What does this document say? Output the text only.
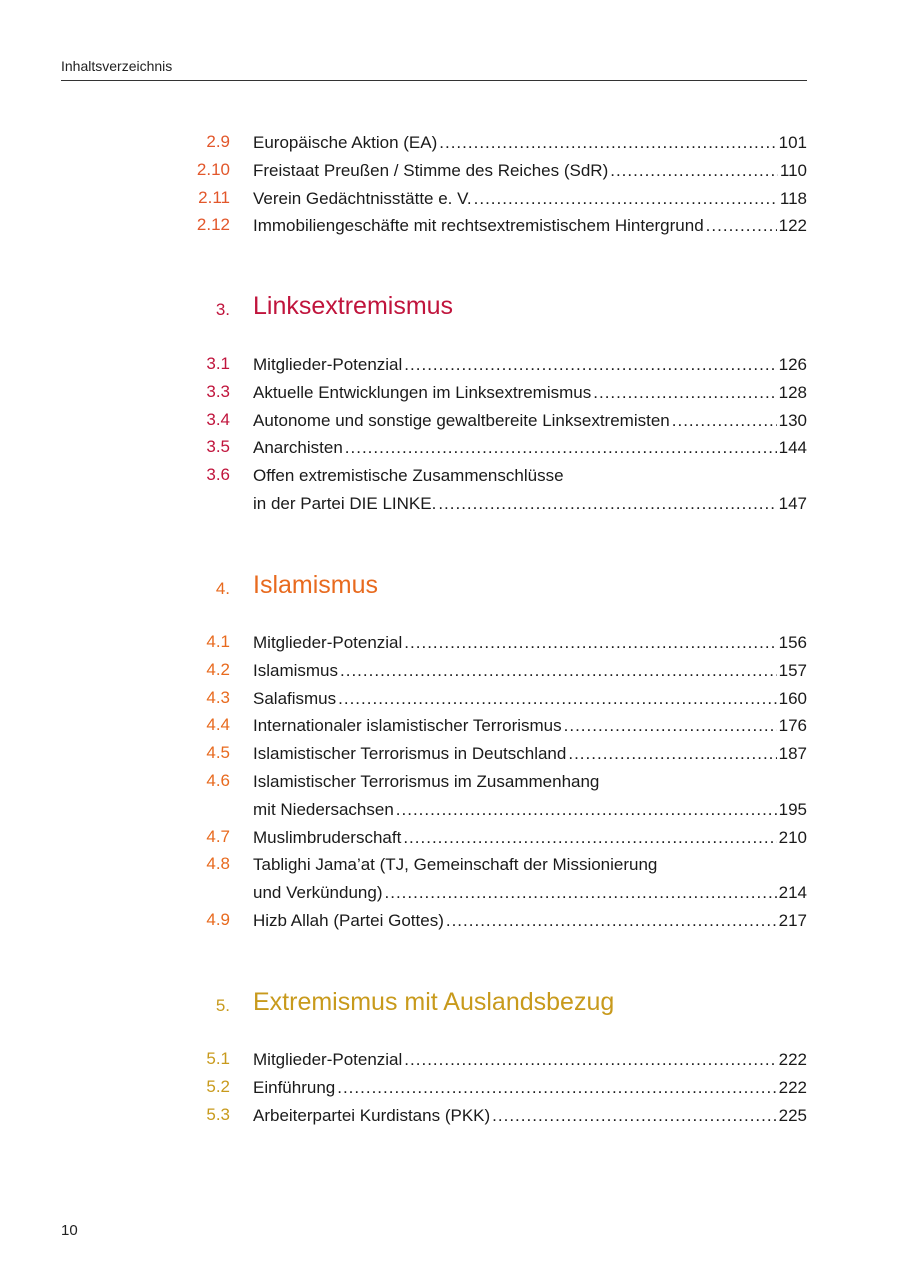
Inhaltsverzeichnis
2.9 Europäische Aktion (EA) .....	101
2.10 Freistaat Preußen / Stimme des Reiches (SdR) .....	110
2.11 Verein Gedächtnisstätte e. V. .....	118
2.12 Immobiliengeschäfte mit rechtsextremistischem Hintergrund .....	122
3. Linksextremismus
3.1 Mitglieder-Potenzial .....	126
3.3 Aktuelle Entwicklungen im Linksextremismus .....	128
3.4 Autonome und sonstige gewaltbereite Linksextremisten .....	130
3.5 Anarchisten .....	144
3.6 Offen extremistische Zusammenschlüsse
in der Partei DIE LINKE. .....	147
4. Islamismus
4.1 Mitglieder-Potenzial .....	156
4.2 Islamismus .....	157
4.3 Salafismus .....	160
4.4 Internationaler islamistischer Terrorismus .....	176
4.5 Islamistischer Terrorismus in Deutschland .....	187
4.6 Islamistischer Terrorismus im Zusammenhang
mit Niedersachsen .....	195
4.7 Muslimbruderschaft .....	210
4.8 Tablighi Jama’at (TJ, Gemeinschaft der Missionierung
und Verkündung) .....	214
4.9 Hizb Allah (Partei Gottes) .....	217
5. Extremismus mit Auslandsbezug
5.1 Mitglieder-Potenzial .....	222
5.2 Einführung .....	222
5.3 Arbeiterpartei Kurdistans (PKK) .....	225
10
